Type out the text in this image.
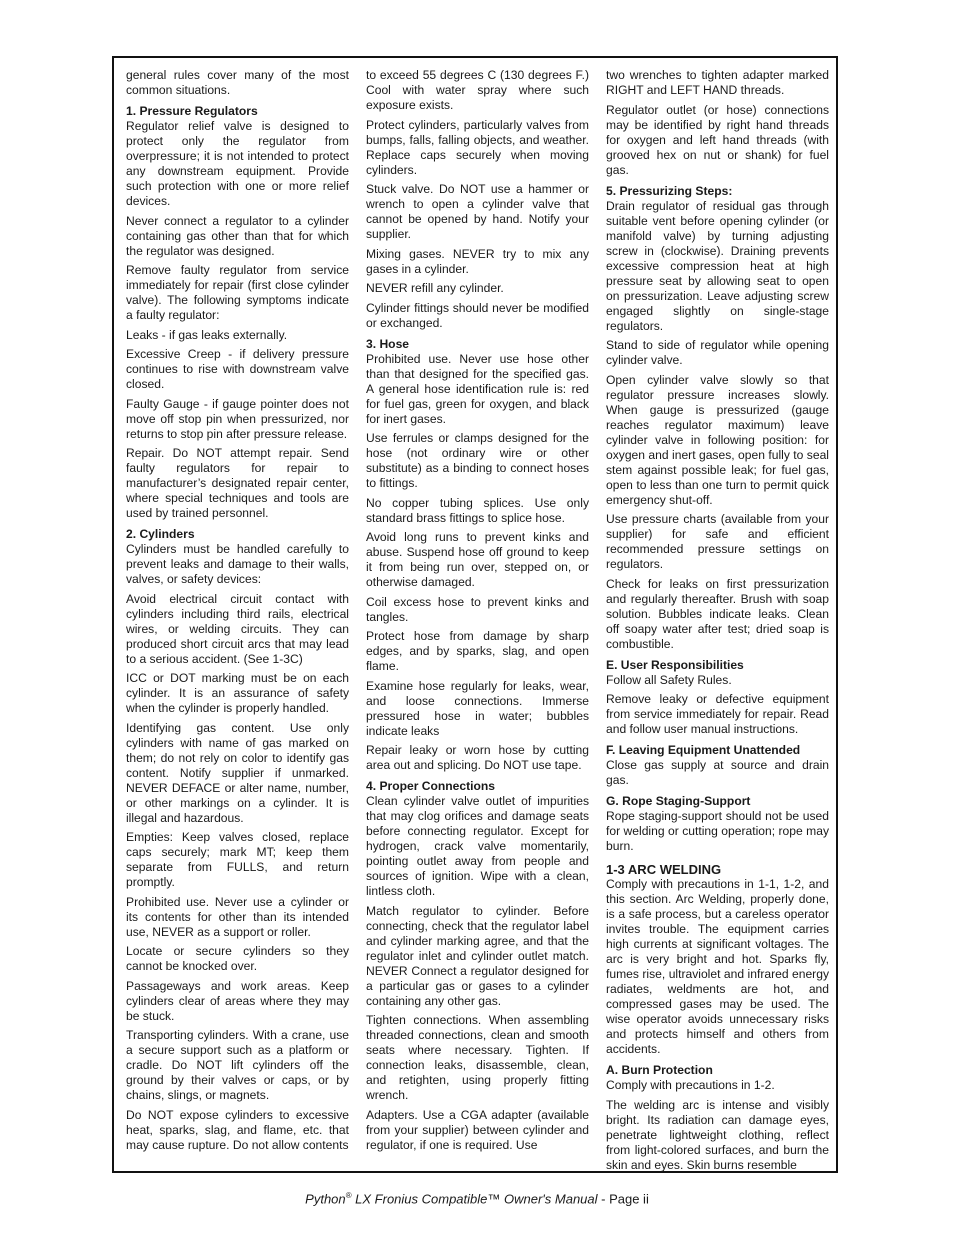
general rules cover many of the most common situations.

1. Pressure Regulators
Regulator relief valve is designed to protect only the regulator from overpressure; it is not intended to protect any downstream equipment. Provide such protection with one or more relief devices.

Never connect a regulator to a cylinder containing gas other than that for which the regulator was designed.

Remove faulty regulator from service immediately for repair (first close cylinder valve). The following symptoms indicate a faulty regulator:

Leaks - if gas leaks externally.

Excessive Creep - if delivery pressure continues to rise with downstream valve closed.

Faulty Gauge - if gauge pointer does not move off stop pin when pressurized, nor returns to stop pin after pressure release.

Repair. Do NOT attempt repair. Send faulty regulators for repair to manufacturer’s designated repair center, where special techniques and tools are used by trained personnel.

2. Cylinders
Cylinders must be handled carefully to prevent leaks and damage to their walls, valves, or safety devices:

Avoid electrical circuit contact with cylinders including third rails, electrical wires, or welding circuits. They can produced short circuit arcs that may lead to a serious accident. (See 1-3C)

ICC or DOT marking must be on each cylinder. It is an assurance of safety when the cylinder is properly handled.

Identifying gas content. Use only cylinders with name of gas marked on them; do not rely on color to identify gas content. Notify supplier if unmarked. NEVER DEFACE or alter name, number, or other markings on a cylinder. It is illegal and hazardous.

Empties: Keep valves closed, replace caps securely; mark MT; keep them separate from FULLS, and return promptly.

Prohibited use. Never use a cylinder or its contents for other than its intended use, NEVER as a support or roller.

Locate or secure cylinders so they cannot be knocked over.

Passageways and work areas. Keep cylinders clear of areas where they may be stuck.

Transporting cylinders. With a crane, use a secure support such as a platform or cradle. Do NOT lift cylinders off the ground by their valves or caps, or by chains, slings, or magnets.

Do NOT expose cylinders to excessive heat, sparks, slag, and flame, etc. that may cause rupture. Do not allow contents

to exceed 55 degrees C (130 degrees F.) Cool with water spray where such exposure exists.

Protect cylinders, particularly valves from bumps, falls, falling objects, and weather. Replace caps securely when moving cylinders.

Stuck valve. Do NOT use a hammer or wrench to open a cylinder valve that cannot be opened by hand. Notify your supplier.

Mixing gases. NEVER try to mix any gases in a cylinder.

NEVER refill any cylinder.

Cylinder fittings should never be modified or exchanged.

3. Hose
Prohibited use. Never use hose other than that designed for the specified gas. A general hose identification rule is: red for fuel gas, green for oxygen, and black for inert gases.

Use ferrules or clamps designed for the hose (not ordinary wire or other substitute) as a binding to connect hoses to fittings.

No copper tubing splices. Use only standard brass fittings to splice hose.

Avoid long runs to prevent kinks and abuse. Suspend hose off ground to keep it from being run over, stepped on, or otherwise damaged.

Coil excess hose to prevent kinks and tangles.

Protect hose from damage by sharp edges, and by sparks, slag, and open flame.

Examine hose regularly for leaks, wear, and loose connections. Immerse pressured hose in water; bubbles indicate leaks

Repair leaky or worn hose by cutting area out and splicing. Do NOT use tape.

4. Proper Connections
Clean cylinder valve outlet of impurities that may clog orifices and damage seats before connecting regulator. Except for hydrogen, crack valve momentarily, pointing outlet away from people and sources of ignition. Wipe with a clean, lintless cloth.

Match regulator to cylinder. Before connecting, check that the regulator label and cylinder marking agree, and that the regulator inlet and cylinder outlet match. NEVER Connect a regulator designed for a particular gas or gases to a cylinder containing any other gas.

Tighten connections. When assembling threaded connections, clean and smooth seats where necessary. Tighten. If connection leaks, disassemble, clean, and retighten, using properly fitting wrench.

Adapters. Use a CGA adapter (available from your supplier) between cylinder and regulator, if one is required. Use

two wrenches to tighten adapter marked RIGHT and LEFT HAND threads.

Regulator outlet (or hose) connections may be identified by right hand threads for oxygen and left hand threads (with grooved hex on nut or shank) for fuel gas.

5. Pressurizing Steps:
Drain regulator of residual gas through suitable vent before opening cylinder (or manifold valve) by turning adjusting screw in (clockwise). Draining prevents excessive compression heat at high pressure seat by allowing seat to open on pressurization. Leave adjusting screw engaged slightly on single-stage regulators.

Stand to side of regulator while opening cylinder valve.

Open cylinder valve slowly so that regulator pressure increases slowly. When gauge is pressurized (gauge reaches regulator maximum) leave cylinder valve in following position: for oxygen and inert gases, open fully to seal stem against possible leak; for fuel gas, open to less than one turn to permit quick emergency shut-off.

Use pressure charts (available from your supplier) for safe and efficient recommended pressure settings on regulators.

Check for leaks on first pressurization and regularly thereafter. Brush with soap solution. Bubbles indicate leaks. Clean off soapy water after test; dried soap is combustible.

E. User Responsibilities
Follow all Safety Rules.

Remove leaky or defective equipment from service immediately for repair. Read and follow user manual instructions.

F. Leaving Equipment Unattended
Close gas supply at source and drain gas.

G. Rope Staging-Support
Rope staging-support should not be used for welding or cutting operation; rope may burn.

1-3 ARC WELDING
Comply with precautions in 1-1, 1-2, and this section. Arc Welding, properly done, is a safe process, but a careless operator invites trouble. The equipment carries high currents at significant voltages. The arc is very bright and hot. Sparks fly, fumes rise, ultraviolet and infrared energy radiates, weldments are hot, and compressed gases may be used. The wise operator avoids unnecessary risks and protects himself and others from accidents.

A. Burn Protection
Comply with precautions in 1-2.

The welding arc is intense and visibly bright. Its radiation can damage eyes, penetrate lightweight clothing, reflect from light-colored surfaces, and burn the skin and eyes. Skin burns resemble

Python® LX Fronius Compatible™ Owner's Manual - Page ii
